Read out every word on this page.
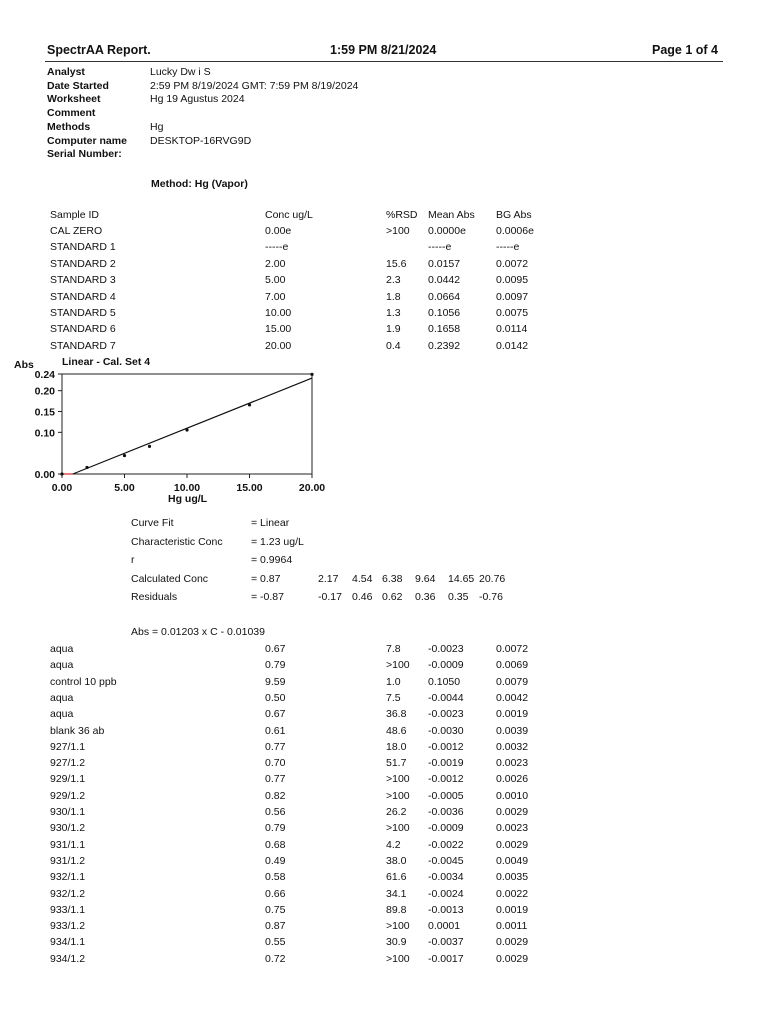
SpectrAA Report.	1:59 PM 8/21/2024	Page 1 of 4
Analyst	Lucky Dw i S
Date Started	2:59 PM 8/19/2024 GMT: 7:59 PM 8/19/2024
Worksheet	Hg 19 Agustus 2024
Comment
Methods	Hg
Computer name DESKTOP-16RVG9D
Serial Number:
Method: Hg (Vapor)
Sample ID	Conc ug/L	%RSD Mean Abs BG Abs
CAL ZERO	0.00e	>100 0.0000e	0.0006e
STANDARD 1	-----e	-----e	-----e
STANDARD 2	2.00	15.6 0.0157	0.0072
STANDARD 3	5.00	2.3	0.0442	0.0095
STANDARD 4	7.00	1.8	0.0664	0.0097
STANDARD 5	10.00	1.3	0.1056	0.0075
STANDARD 6	15.00	1.9	0.1658	0.0114
STANDARD 7	20.00	0.4	0.2392	0.0142
Abs	Linear - Cal. Set 4
0.00
0.10
0.15
0.20
0.24
0.00	5.00	10.00	15.00	20.00
Hg ug/L
Curve Fit	= Linear
Characteristic Conc	= 1.23 ug/L
r	= 0.9964
Calculated Conc	= 0.87	2.17 4.54 6.38 9.64 14.65 20.76
Residuals	= -0.87	-0.17 0.46 0.62 0.36 0.35 -0.76
Abs = 0.01203 x C - 0.01039
aqua	0.67	7.8	-0.0023	0.0072
aqua	0.79	>100 -0.0009	0.0069
control 10 ppb	9.59	1.0	0.1050	0.0079
aqua	0.50	7.5	-0.0044	0.0042
aqua	0.67	36.8 -0.0023	0.0019
blank 36 ab	0.61	48.6 -0.0030	0.0039
927/1.1	0.77	18.0 -0.0012	0.0032
927/1.2	0.70	51.7 -0.0019	0.0023
929/1.1	0.77	>100 -0.0012	0.0026
929/1.2	0.82	>100 -0.0005	0.0010
930/1.1	0.56	26.2 -0.0036	0.0029
930/1.2	0.79	>100 -0.0009	0.0023
931/1.1	0.68	4.2	-0.0022	0.0029
931/1.2	0.49	38.0 -0.0045	0.0049
932/1.1	0.58	61.6 -0.0034	0.0035
932/1.2	0.66	34.1 -0.0024	0.0022
933/1.1	0.75	89.8 -0.0013	0.0019
933/1.2	0.87	>100 0.0001	0.0011
934/1.1	0.55	30.9 -0.0037	0.0029
934/1.2	0.72	>100 -0.0017	0.0029
